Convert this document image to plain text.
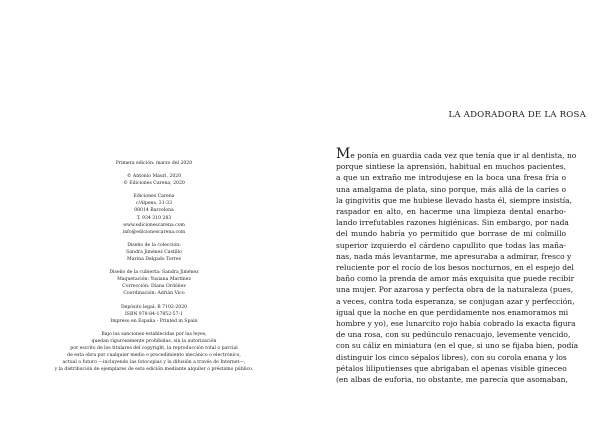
Primera edición: marzo del 2020
© Antonio Mauri, 2020
© Ediciones Carena, 2020
Ediciones Carena
c/Alpens, 31-33
08014 Barcelona
T. 934 310 283
www.edicionescarena.com
info@edicionescarena.com
Diseño de la colección:
Sandra Jiménez Castillo
Marina Delgado Torres
Diseño de la cubierta: Sandra Jiménez
Maquetación: Yusiana Martínez
Corrección: Diana Ordóñez
Coordinación: Adrián Vico
Depósito legal: B 7102-2020
ISBN 978-84-17852-57-1
Impreso en España - Printed in Spain
Bajo las sanciones establecidas por las leyes,
quedan rigurosamente prohibidas, sin la autorización
por escrito de los titulares del copyright, la reproducción total o parcial
de esta obra por cualquier medio o procedimiento mecánico o electrónico,
actual o futuro —incluyendo las fotocopias y la difusión a través de Internet—,
y la distribución de ejemplares de esta edición mediante alquiler o préstamo público.
LA ADORADORA DE LA ROSA
Me ponía en guardia cada vez que tenía que ir al dentista, no
porque sintiese la aprensión, habitual en muchos pacientes,
a que un extraño me introdujese en la boca una fresa fría o
una amalgama de plata, sino porque, más allá de la caries o
la gingivitis que me hubiese llevado hasta él, siempre insistía,
raspador en alto, en hacerme una limpieza dental enarbo-
lando irrefutables razones higiénicas. Sin embargo, por nada
del mundo habría yo permitido que borrase de mi colmillo
superior izquierdo el cárdeno capullito que todas las maña-
nas, nada más levantarme, me apresuraba a admirar, fresco y
reluciente por el rocío de los besos nocturnos, en el espejo del
baño como la prenda de amor más exquisita que puede recibir
una mujer. Por azarosa y perfecta obra de la naturaleza (pues,
a veces, contra toda esperanza, se conjugan azar y perfección,
igual que la noche en que perdidamente nos enamoramos mi
hombre y yo), ese lunarcito rojo había cobrado la exacta figura
de una rosa, con su pedúnculo renacuajo, levemente vencido,
con su cáliz en miniatura (en el que, si uno se fijaba bien, podía
distinguir los cinco sépalos libres), con su corola enana y los
pétalos liliputienses que abrigaban el apenas visible gineceo
(en albas de euforia, no obstante, me parecía que asomaban,
